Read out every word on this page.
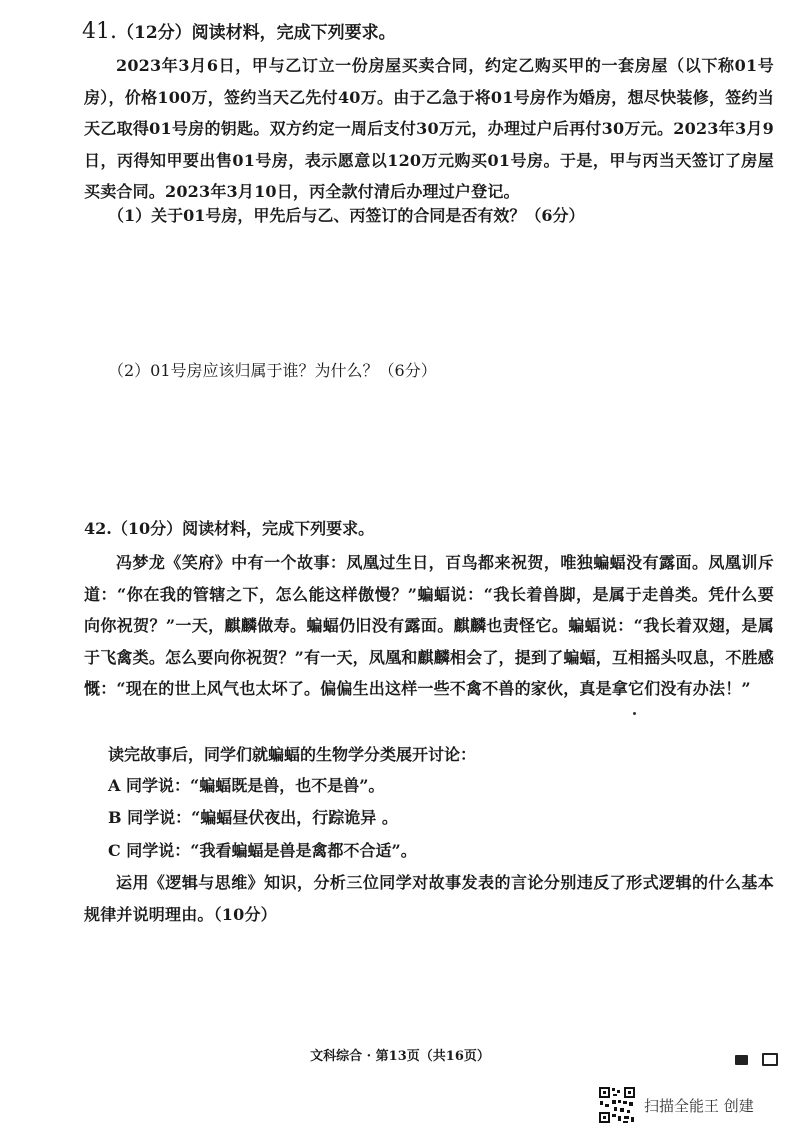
41.（12分）阅读材料，完成下列要求。
2023年3月6日，甲与乙订立一份房屋买卖合同，约定乙购买甲的一套房屋（以下称01号房），价格100万，签约当天乙先付40万。由于乙急于将01号房作为婚房，想尽快装修，签约当天乙取得01号房的钥匙。双方约定一周后支付30万元，办理过户后再付30万元。2023年3月9日，丙得知甲要出售01号房，表示愿意以120万元购买01号房。于是，甲与丙当天签订了房屋买卖合同。2023年3月10日，丙全款付清后办理过户登记。
（1）关于01号房，甲先后与乙、丙签订的合同是否有效？（6分）
（2）01号房应该归属于谁？为什么？（6分）
42.（10分）阅读材料，完成下列要求。
冯梦龙《笑府》中有一个故事：凤凰过生日，百鸟都来祝贺，唯独蝙蝠没有露面。凤凰训斥道：“你在我的管辖之下，怎么能这样傲慢？”蝙蝠说：“我长着兽脚，是属于走兽类。凭什么要向你祝贺？”一天，麒麟做寿。蝙蝠仍旧没有露面。麒麟也责怪它。蝙蝠说：“我长着双翅，是属于飞禽类。怎么要向你祝贺？”有一天，凤凰和麒麟相会了，提到了蝙蝠，互相摇头叹息，不胜感慨：“现在的世上风气也太坏了。偏偏生出这样一些不禽不兽的家伙，真是拿它们没有办法！”
读完故事后，同学们就蝙蝠的生物学分类展开讨论：
A 同学说：“蝙蝠既是兽，也不是兽”。
B 同学说：“蝙蝠昼伏夜出，行踪诡异 。
C 同学说：“我看蝙蝠是兽是禽都不合适”。
运用《逻辑与思维》知识，分析三位同学对故事发表的言论分别违反了形式逻辑的什么基本规律并说明理由。（10分）
文科综合 · 第13页（共16页）
扫描全能王 创建
